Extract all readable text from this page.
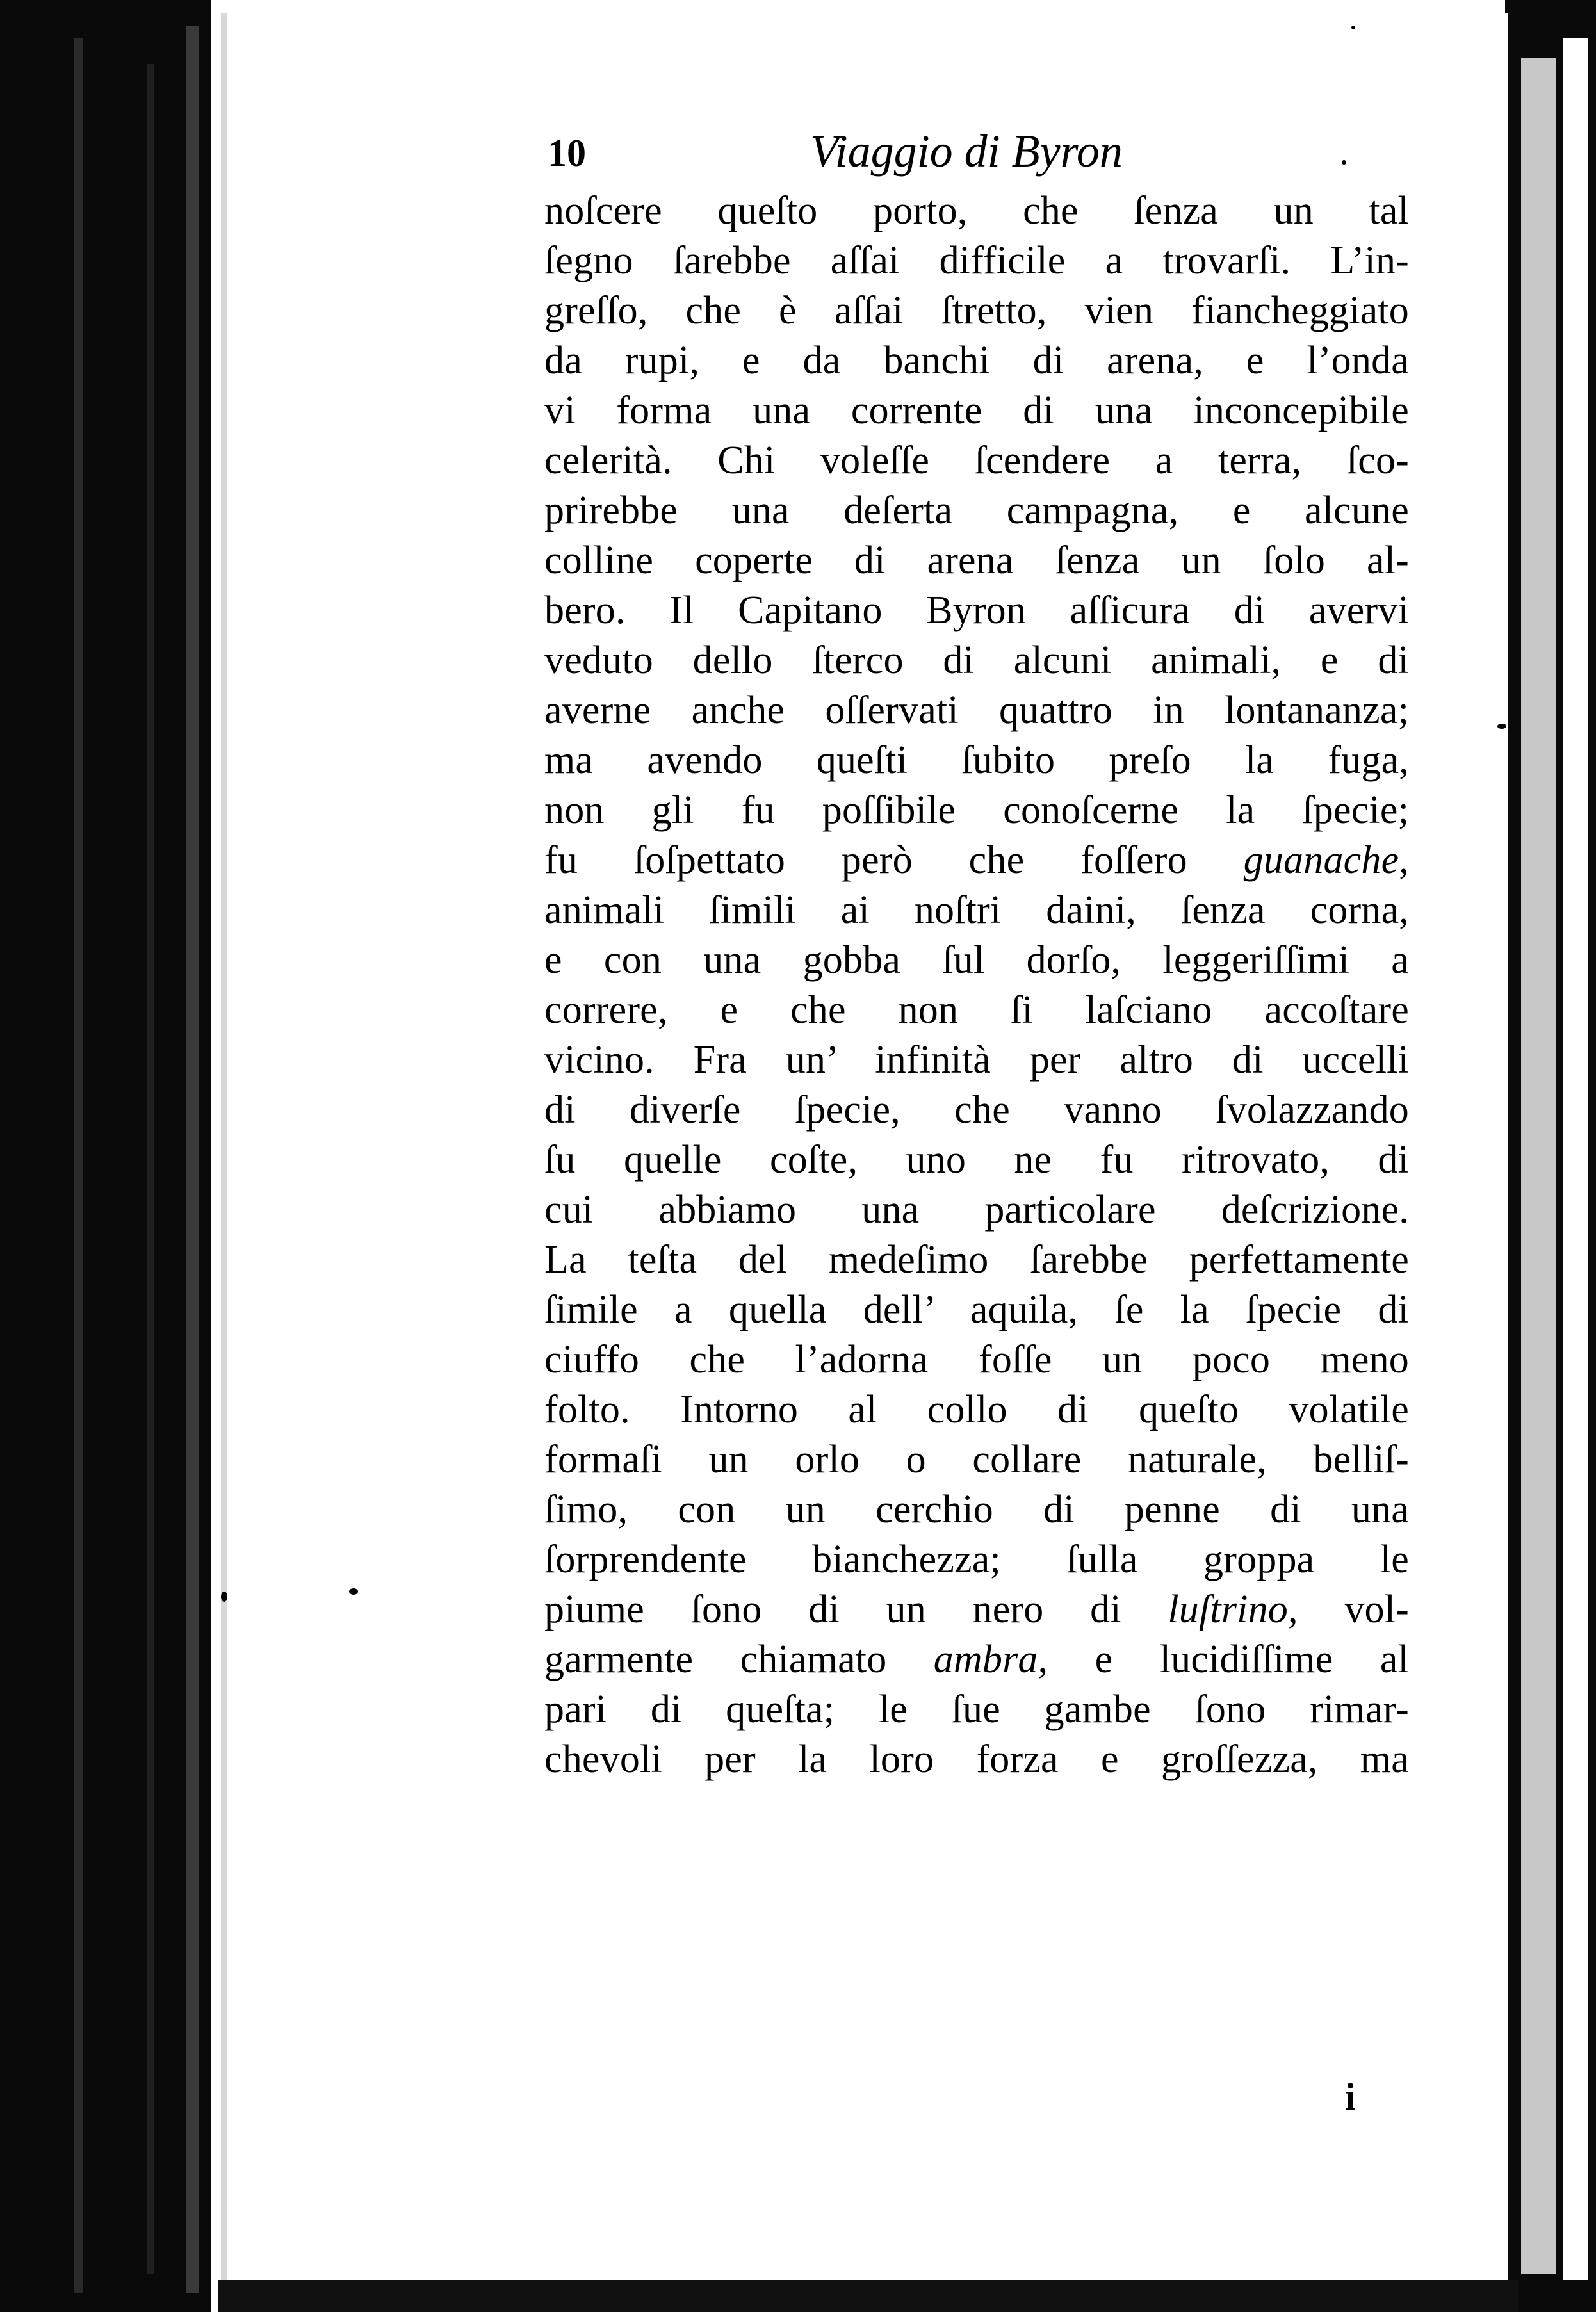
10	Viaggio di Byron
noſcere queſto porto, che ſenza un tal
ſegno ſarebbe aſſai difficile a trovarſi. L’in-
greſſo, che è aſſai ſtretto, vien fiancheggiato
da rupi, e da banchi di arena, e l’onda
vi forma una corrente di una inconcepibile
celerità. Chi voleſſe ſcendere a terra, ſco-
prirebbe una deſerta campagna, e alcune
colline coperte di arena ſenza un ſolo al-
bero. Il Capitano Byron aſſicura di avervi
veduto dello ſterco di alcuni animali, e di
averne anche oſſervati quattro in lontananza;
ma avendo queſti ſubito preſo la fuga,
non gli fu poſſibile conoſcerne la ſpecie;
fu ſoſpettato però che foſſero guanache,
animali ſimili ai noſtri daini, ſenza corna,
e con una gobba ſul dorſo, leggeriſſimi a
correre, e che non ſi laſciano accoſtare
vicino. Fra un’ infinità per altro di uccelli
di diverſe ſpecie, che vanno ſvolazzando
ſu quelle coſte, uno ne fu ritrovato, di
cui abbiamo una particolare deſcrizione.
La teſta del medeſimo ſarebbe perfettamente
ſimile a quella dell’ aquila, ſe la ſpecie di
ciuffo che l’adorna foſſe un poco meno
folto. Intorno al collo di queſto volatile
formaſi un orlo o collare naturale, belliſ-
ſimo, con un cerchio di penne di una
ſorprendente bianchezza; ſulla groppa le
piume ſono di un nero di luſtrino, vol-
garmente chiamato ambra, e lucidiſſime al
pari di queſta; le ſue gambe ſono rimar-
chevoli per la loro forza e groſſezza, ma
i
